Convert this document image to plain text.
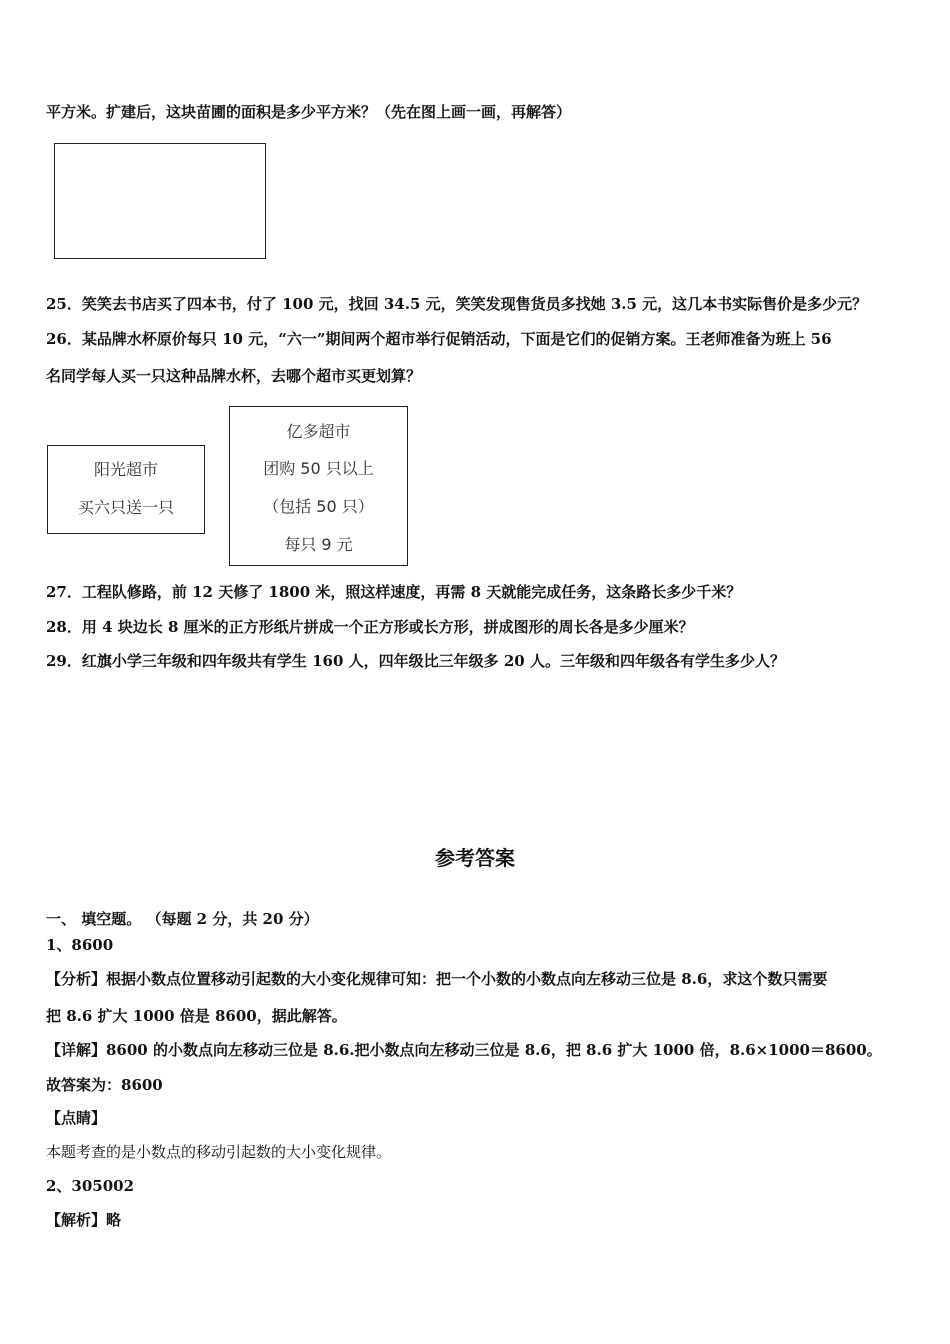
平方米。扩建后，这块苗圃的面积是多少平方米？（先在图上画一画，再解答）
25．笑笑去书店买了四本书，付了 100 元，找回 34.5 元，笑笑发现售货员多找她 3.5 元，这几本书实际售价是多少元？
26．某品牌水杯原价每只 10 元，“六一”期间两个超市举行促销活动，下面是它们的促销方案。王老师准备为班上 56
名同学每人买一只这种品牌水杯，去哪个超市买更划算？
阳光超市
买六只送一只
亿多超市
团购 50 只以上
（包括 50 只）
每只 9 元
27．工程队修路，前 12 天修了 1800 米，照这样速度，再需 8 天就能完成任务，这条路长多少千米？
28．用 4 块边长 8 厘米的正方形纸片拼成一个正方形或长方形，拼成图形的周长各是多少厘米？
29．红旗小学三年级和四年级共有学生 160 人，四年级比三年级多 20 人。三年级和四年级各有学生多少人？
参考答案
一、 填空题。 （每题 2 分，共 20 分）
1、8600
【分析】根据小数点位置移动引起数的大小变化规律可知：把一个小数的小数点向左移动三位是 8.6，求这个数只需要
把 8.6 扩大 1000 倍是 8600，据此解答。
【详解】8600 的小数点向左移动三位是 8.6.把小数点向左移动三位是 8.6，把 8.6 扩大 1000 倍，8.6×1000＝8600。
故答案为：8600
【点睛】
本题考查的是小数点的移动引起数的大小变化规律。
2、305002
【解析】略
